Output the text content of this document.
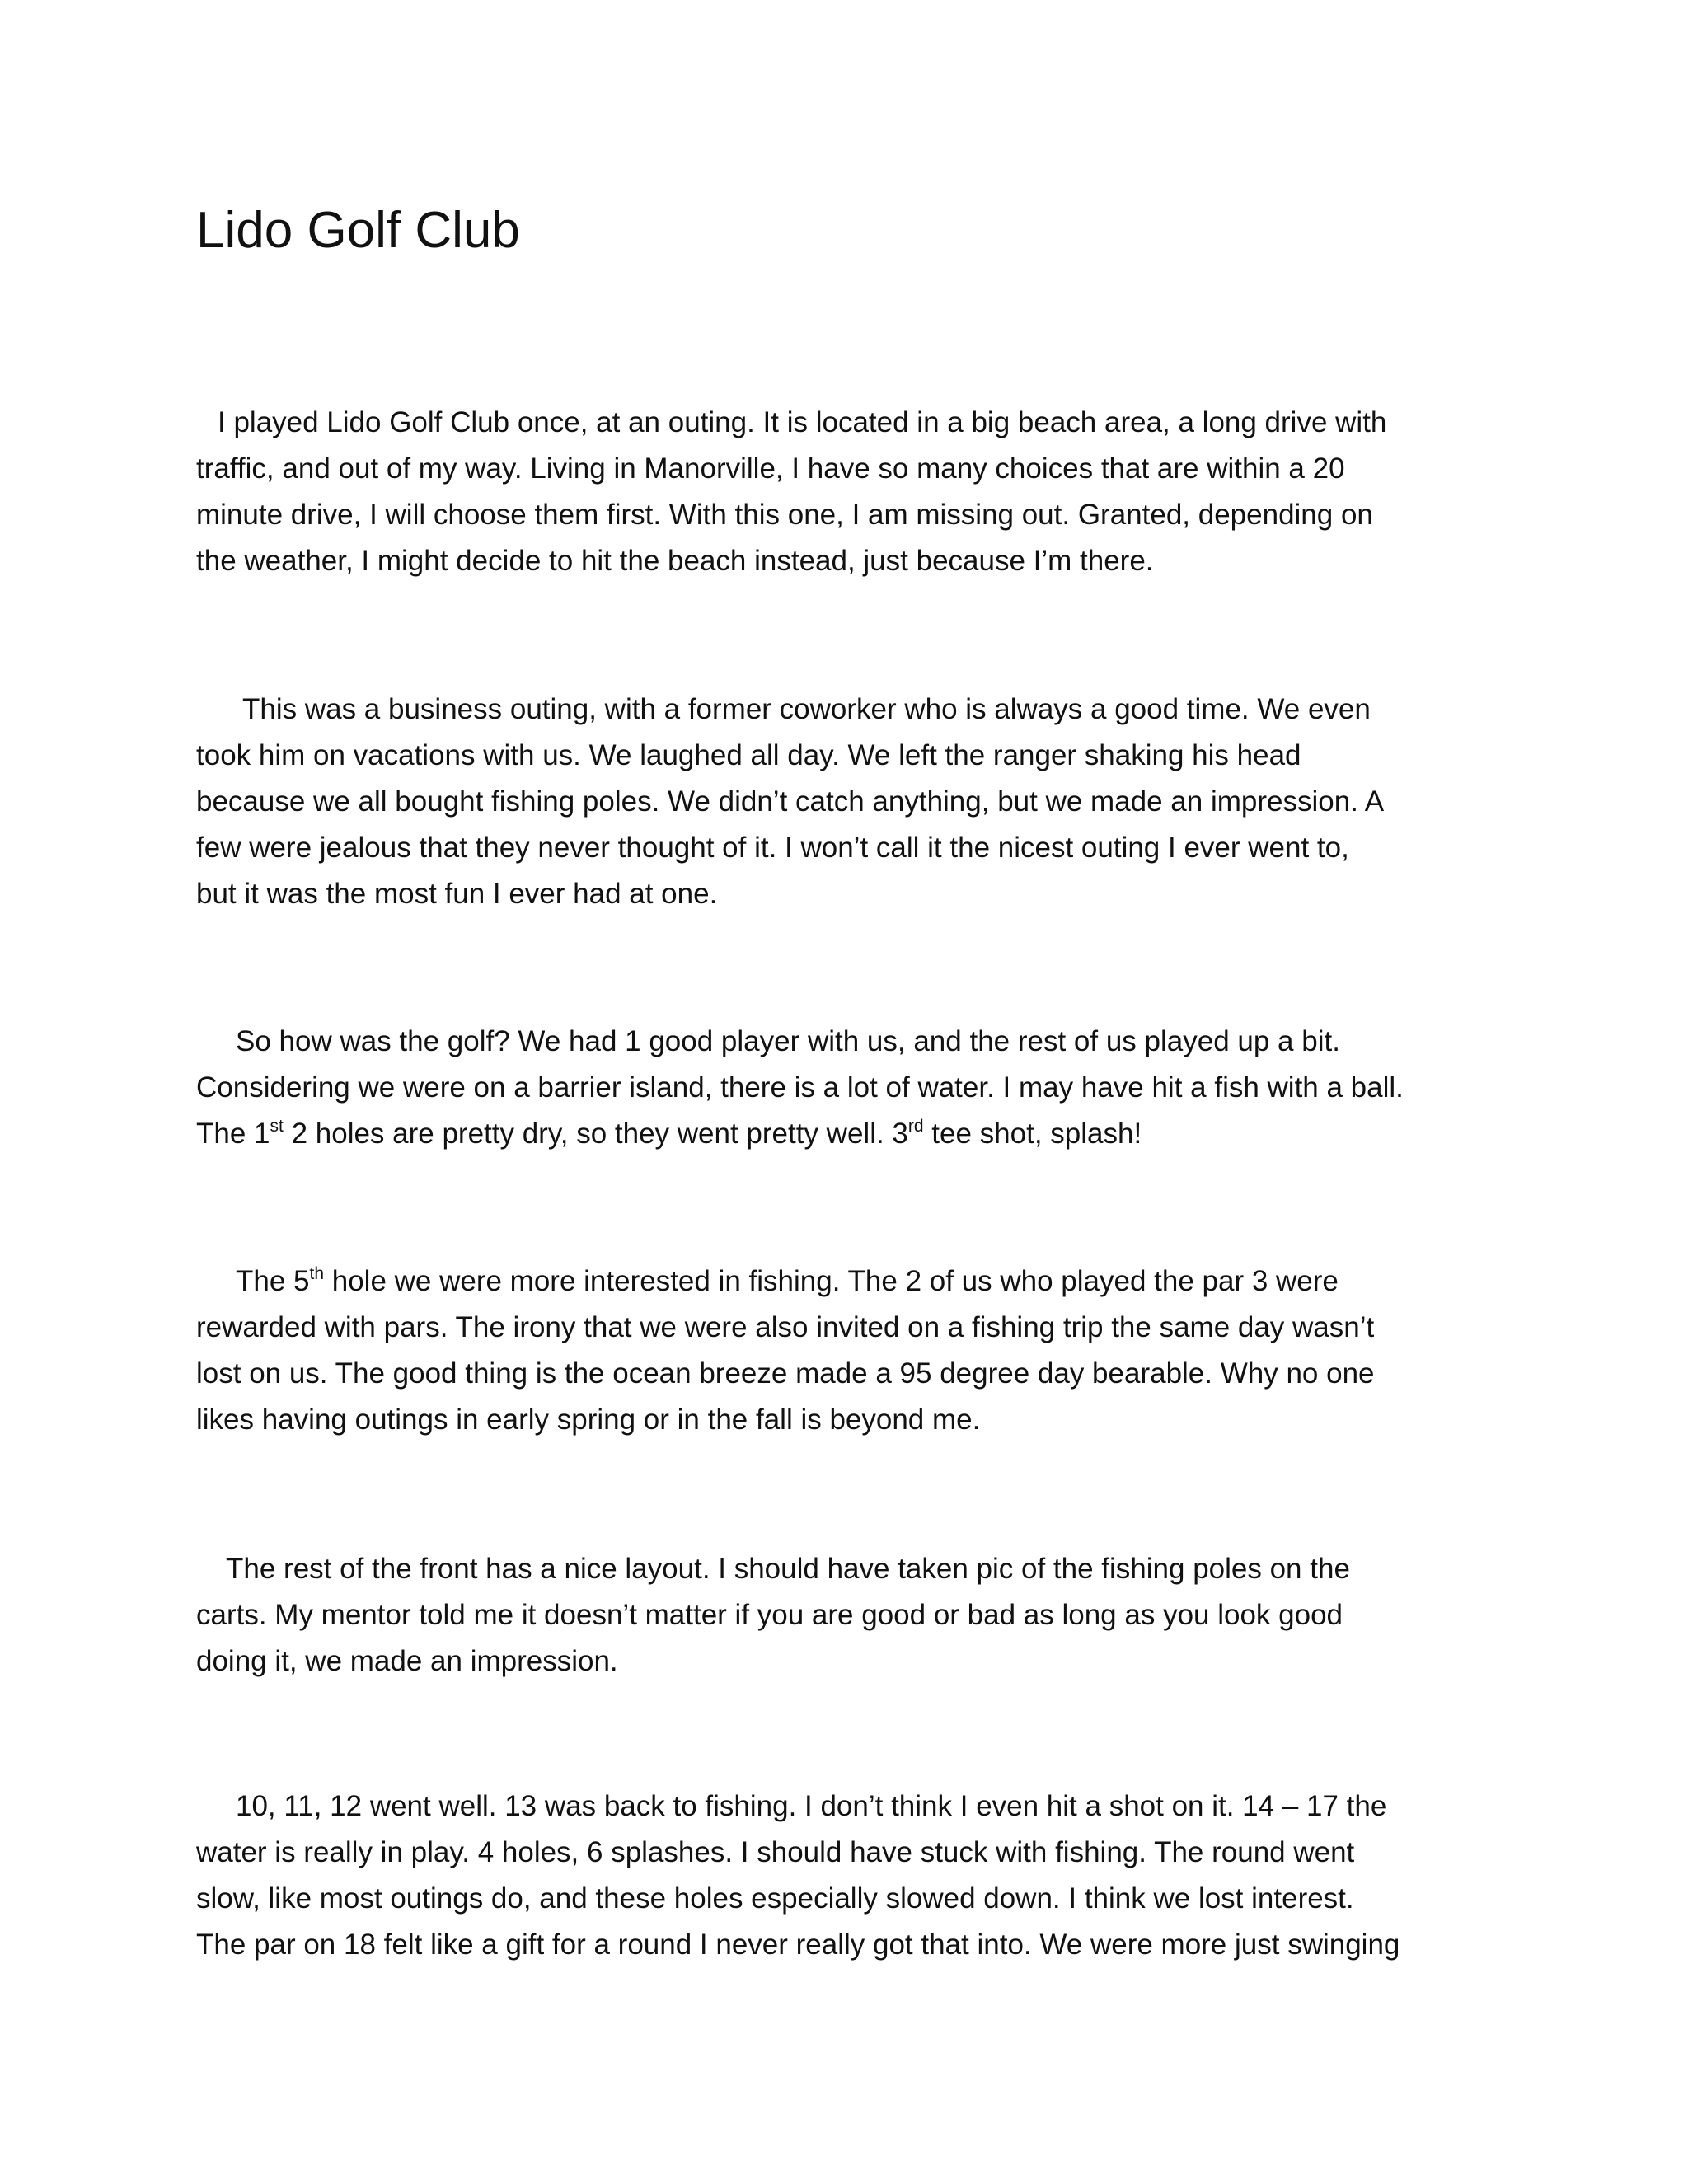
Lido Golf Club

I played Lido Golf Club once, at an outing. It is located in a big beach area, a long drive with
traffic, and out of my way. Living in Manorville, I have so many choices that are within a 20
minute drive, I will choose them first. With this one, I am missing out. Granted, depending on
the weather, I might decide to hit the beach instead, just because I’m there.

This was a business outing, with a former coworker who is always a good time. We even
took him on vacations with us. We laughed all day. We left the ranger shaking his head
because we all bought fishing poles. We didn’t catch anything, but we made an impression. A
few were jealous that they never thought of it. I won’t call it the nicest outing I ever went to,
but it was the most fun I ever had at one.

So how was the golf? We had 1 good player with us, and the rest of us played up a bit.
Considering we were on a barrier island, there is a lot of water. I may have hit a fish with a ball.
The 1st 2 holes are pretty dry, so they went pretty well. 3rd tee shot, splash!

The 5th hole we were more interested in fishing. The 2 of us who played the par 3 were
rewarded with pars. The irony that we were also invited on a fishing trip the same day wasn’t
lost on us. The good thing is the ocean breeze made a 95 degree day bearable. Why no one
likes having outings in early spring or in the fall is beyond me.

The rest of the front has a nice layout. I should have taken pic of the fishing poles on the
carts. My mentor told me it doesn’t matter if you are good or bad as long as you look good
doing it, we made an impression.

10, 11, 12 went well. 13 was back to fishing. I don’t think I even hit a shot on it. 14 – 17 the
water is really in play. 4 holes, 6 splashes. I should have stuck with fishing. The round went
slow, like most outings do, and these holes especially slowed down. I think we lost interest.
The par on 18 felt like a gift for a round I never really got that into. We were more just swinging
